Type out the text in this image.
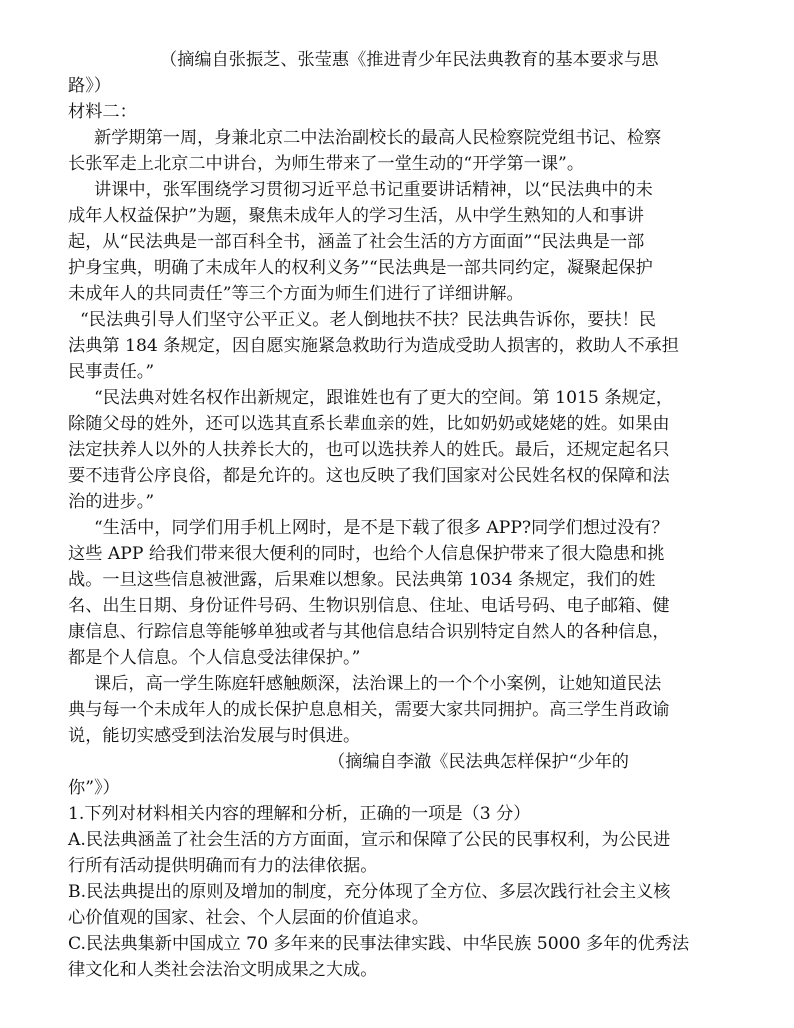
（摘编自张振芝、张莹惠《推进青少年民法典教育的基本要求与思
路》）
材料二：
新学期第一周，身兼北京二中法治副校长的最高人民检察院党组书记、检察
长张军走上北京二中讲台，为师生带来了一堂生动的“开学第一课”。
讲课中，张军围绕学习贯彻习近平总书记重要讲话精神，以“民法典中的未
成年人权益保护”为题，聚焦未成年人的学习生活，从中学生熟知的人和事讲
起，从“民法典是一部百科全书，涵盖了社会生活的方方面面”“民法典是一部
护身宝典，明确了未成年人的权利义务”“民法典是一部共同约定，凝聚起保护
未成年人的共同责任”等三个方面为师生们进行了详细讲解。
“民法典引导人们坚守公平正义。老人倒地扶不扶？民法典告诉你，要扶！民
法典第 184 条规定，因自愿实施紧急救助行为造成受助人损害的，救助人不承担
民事责任。”
“民法典对姓名权作出新规定，跟谁姓也有了更大的空间。第 1015 条规定，
除随父母的姓外，还可以选其直系长辈血亲的姓，比如奶奶或姥姥的姓。如果由
法定扶养人以外的人扶养长大的，也可以选扶养人的姓氏。最后，还规定起名只
要不违背公序良俗，都是允许的。这也反映了我们国家对公民姓名权的保障和法
治的进步。”
“生活中，同学们用手机上网时，是不是下载了很多 APP?同学们想过没有？
这些 APP 给我们带来很大便利的同时，也给个人信息保护带来了很大隐患和挑
战。一旦这些信息被泄露，后果难以想象。民法典第 1034 条规定，我们的姓
名、出生日期、身份证件号码、生物识别信息、住址、电话号码、电子邮箱、健
康信息、行踪信息等能够单独或者与其他信息结合识别特定自然人的各种信息，
都是个人信息。个人信息受法律保护。”
课后，高一学生陈庭轩感触颇深，法治课上的一个个小案例，让她知道民法
典与每一个未成年人的成长保护息息相关，需要大家共同拥护。高三学生肖政谕
说，能切实感受到法治发展与时俱进。
（摘编自李澈《民法典怎样保护“少年的
你”》）
1.下列对材料相关内容的理解和分析，正确的一项是（3 分）
A.民法典涵盖了社会生活的方方面面，宣示和保障了公民的民事权利，为公民进
行所有活动提供明确而有力的法律依据。
B.民法典提出的原则及增加的制度，充分体现了全方位、多层次践行社会主义核
心价值观的国家、社会、个人层面的价值追求。
C.民法典集新中国成立 70 多年来的民事法律实践、中华民族 5000 多年的优秀法
律文化和人类社会法治文明成果之大成。
